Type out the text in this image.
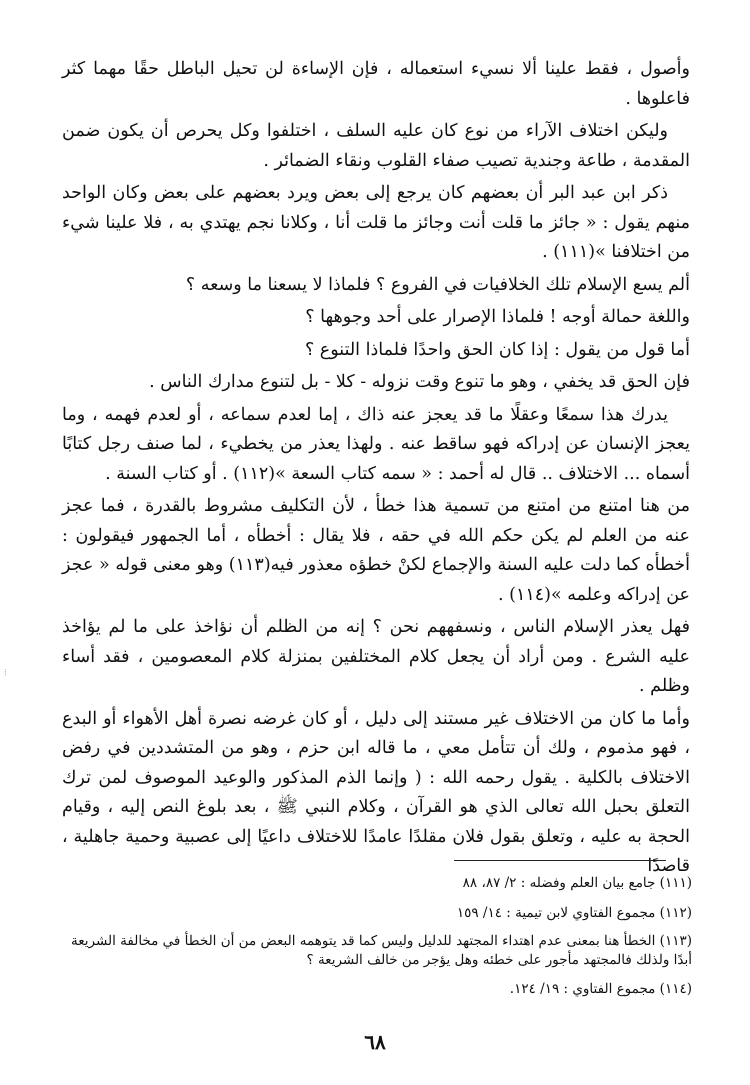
وأصول ، فقط علينا ألا نسيء استعماله ، فإن الإساءة لن تحيل الباطل حقًا مهما كثر فاعلوها .

وليكن اختلاف الآراء من نوع كان عليه السلف ، اختلفوا وكل يحرص أن يكون ضمن المقدمة ، طاعة وجندية تصيب صفاء القلوب ونقاء الضمائر .

ذكر ابن عبد البر أن بعضهم كان يرجع إلى بعض ويرد بعضهم على بعض وكان الواحد منهم يقول : « جائز ما قلت أنت وجائز ما قلت أنا ، وكلانا نجم يهتدي به ، فلا علينا شيء من اختلافنا »(١١١) .

ألم يسع الإسلام تلك الخلافيات في الفروع ؟ فلماذا لا يسعنا ما وسعه ؟

واللغة حمالة أوجه ! فلماذا الإصرار على أحد وجوهها ؟

أما قول من يقول : إذا كان الحق واحدًا فلماذا التنوع ؟

فإن الحق قد يخفي ، وهو ما تنوع وقت نزوله - كلا - بل لتنوع مدارك الناس .

يدرك هذا سمعًا وعقلًا ما قد يعجز عنه ذاك ، إما لعدم سماعه ، أو لعدم فهمه ، وما يعجز الإنسان عن إدراكه فهو ساقط عنه . ولهذا يعذر من يخطيء ، لما صنف رجل كتابًا أسماه ... الاختلاف .. قال له أحمد : « سمه كتاب السعة »(١١٢) . أو كتاب السنة .

من هنا امتنع من امتنع من تسمية هذا خطأ ، لأن التكليف مشروط بالقدرة ، فما عجز عنه من العلم لم يكن حكم الله في حقه ، فلا يقال : أخطأه ، أما الجمهور فيقولون : أخطأه كما دلت عليه السنة والإجماع لكنْ خطؤه معذور فيه(١١٣) وهو معنى قوله « عجز عن إدراكه وعلمه »(١١٤) .

فهل يعذر الإسلام الناس ، ونسفههم نحن ؟ إنه من الظلم أن نؤاخذ على ما لم يؤاخذ عليه الشرع . ومن أراد أن يجعل كلام المختلفين بمنزلة كلام المعصومين ، فقد أساء وظلم .

وأما ما كان من الاختلاف غير مستند إلى دليل ، أو كان غرضه نصرة أهل الأهواء أو البدع ، فهو مذموم ، ولك أن تتأمل معي ، ما قاله ابن حزم ، وهو من المتشددين في رفض الاختلاف بالكلية . يقول رحمه الله : ( وإنما الذم المذكور والوعيد الموصوف لمن ترك التعلق بحبل الله تعالى الذي هو القرآن ، وكلام النبي ﷺ ، بعد بلوغ النص إليه ، وقيام الحجة به عليه ، وتعلق بقول فلان مقلدًا عامدًا للاختلاف داعيًا إلى عصبية وحمية جاهلية ، قاصدًا

(١١١) جامع بيان العلم وفضله : ٢/ ٨٧، ٨٨

(١١٢) مجموع الفتاوي لابن تيمية : ١٤/ ١٥٩

(١١٣) الخطأ هنا بمعنى عدم اهتداء المجتهد للدليل وليس كما قد يتوهمه البعض من أن الخطأ في مخالفة الشريعة أبدًا ولذلك فالمجتهد مأجور على خطئه وهل يؤجر من خالف الشريعة ؟

(١١٤) مجموع الفتاوي : ١٩/ ١٢٤.

٦٨
⁞
